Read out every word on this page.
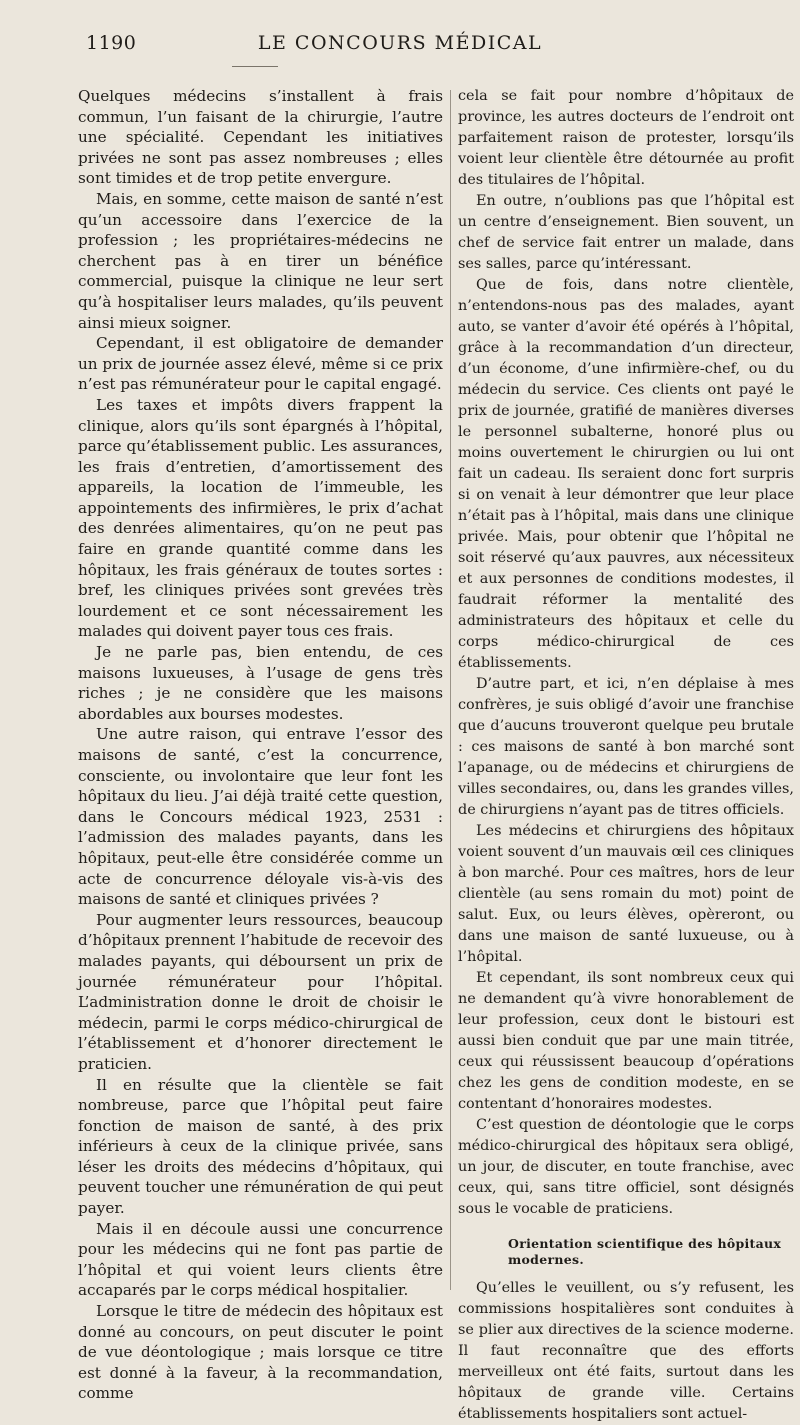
1190	LE CONCOURS MÉDICAL

Quelques médecins s’installent à frais commun, l’un faisant de la chirurgie, l’autre une spécialité. Cependant les initiatives privées ne sont pas assez nombreuses ; elles sont timides et de trop petite envergure.

Mais, en somme, cette maison de santé n’est qu’un accessoire dans l’exercice de la profession ; les propriétaires-médecins ne cherchent pas à en tirer un bénéfice commercial, puisque la clinique ne leur sert qu’à hospitaliser leurs malades, qu’ils peuvent ainsi mieux soigner.

Cependant, il est obligatoire de demander un prix de journée assez élevé, même si ce prix n’est pas rémunérateur pour le capital engagé.

Les taxes et impôts divers frappent la clinique, alors qu’ils sont épargnés à l’hôpital, parce qu’établissement public. Les assurances, les frais d’entretien, d’amortissement des appareils, la location de l’immeuble, les appointements des infirmières, le prix d’achat des denrées alimentaires, qu’on ne peut pas faire en grande quantité comme dans les hôpitaux, les frais généraux de toutes sortes : bref, les cliniques privées sont grevées très lourdement et ce sont nécessairement les malades qui doivent payer tous ces frais.

Je ne parle pas, bien entendu, de ces maisons luxueuses, à l’usage de gens très riches ; je ne considère que les maisons abordables aux bourses modestes.

Une autre raison, qui entrave l’essor des maisons de santé, c’est la concurrence, consciente, ou involontaire que leur font les hôpitaux du lieu. J’ai déjà traité cette question, dans le Concours médical 1923, 2531 : l’admission des malades payants, dans les hôpitaux, peut-elle être considérée comme un acte de concurrence déloyale vis-à-vis des maisons de santé et cliniques privées ?

Pour augmenter leurs ressources, beaucoup d’hôpitaux prennent l’habitude de recevoir des malades payants, qui déboursent un prix de journée rémunérateur pour l’hôpital. L’administration donne le droit de choisir le médecin, parmi le corps médico-chirurgical de l’établissement et d’honorer directement le praticien.

Il en résulte que la clientèle se fait nombreuse, parce que l’hôpital peut faire fonction de maison de santé, à des prix inférieurs à ceux de la clinique privée, sans léser les droits des médecins d’hôpitaux, qui peuvent toucher une rémunération de qui peut payer.

Mais il en découle aussi une concurrence pour les médecins qui ne font pas partie de l’hôpital et qui voient leurs clients être accaparés par le corps médical hospitalier.

Lorsque le titre de médecin des hôpitaux est donné au concours, on peut discuter le point de vue déontologique ; mais lorsque ce titre est donné à la faveur, à la recommandation, comme

cela se fait pour nombre d’hôpitaux de province, les autres docteurs de l’endroit ont parfaitement raison de protester, lorsqu’ils voient leur clientèle être détournée au profit des titulaires de l’hôpital.

En outre, n’oublions pas que l’hôpital est un centre d’enseignement. Bien souvent, un chef de service fait entrer un malade, dans ses salles, parce qu’intéressant.

Que de fois, dans notre clientèle, n’entendons-nous pas des malades, ayant auto, se vanter d’avoir été opérés à l’hôpital, grâce à la recommandation d’un directeur, d’un économe, d’une infirmière-chef, ou du médecin du service. Ces clients ont payé le prix de journée, gratifié de manières diverses le personnel subalterne, honoré plus ou moins ouvertement le chirurgien ou lui ont fait un cadeau. Ils seraient donc fort surpris si on venait à leur démontrer que leur place n’était pas à l’hôpital, mais dans une clinique privée. Mais, pour obtenir que l’hôpital ne soit réservé qu’aux pauvres, aux nécessiteux et aux personnes de conditions modestes, il faudrait réformer la mentalité des administrateurs des hôpitaux et celle du corps médico-chirurgical de ces établissements.

D’autre part, et ici, n’en déplaise à mes confrères, je suis obligé d’avoir une franchise que d’aucuns trouveront quelque peu brutale : ces maisons de santé à bon marché sont l’apanage, ou de médecins et chirurgiens de villes secondaires, ou, dans les grandes villes, de chirurgiens n’ayant pas de titres officiels.

Les médecins et chirurgiens des hôpitaux voient souvent d’un mauvais œil ces cliniques à bon marché. Pour ces maîtres, hors de leur clientèle (au sens romain du mot) point de salut. Eux, ou leurs élèves, opèreront, ou dans une maison de santé luxueuse, ou à l’hôpital.

Et cependant, ils sont nombreux ceux qui ne demandent qu’à vivre honorablement de leur profession, ceux dont le bistouri est aussi bien conduit que par une main titrée, ceux qui réussissent beaucoup d’opérations chez les gens de condition modeste, en se contentant d’honoraires modestes.

C’est question de déontologie que le corps médico-chirurgical des hôpitaux sera obligé, un jour, de discuter, en toute franchise, avec ceux, qui, sans titre officiel, sont désignés sous le vocable de praticiens.

Orientation scientifique des hôpitaux modernes.

Qu’elles le veuillent, ou s’y refusent, les commissions hospitalières sont conduites à se plier aux directives de la science moderne. Il faut reconnaître que des efforts merveilleux ont été faits, surtout dans les hôpitaux de grande ville. Certains établissements hospitaliers sont actuel-
